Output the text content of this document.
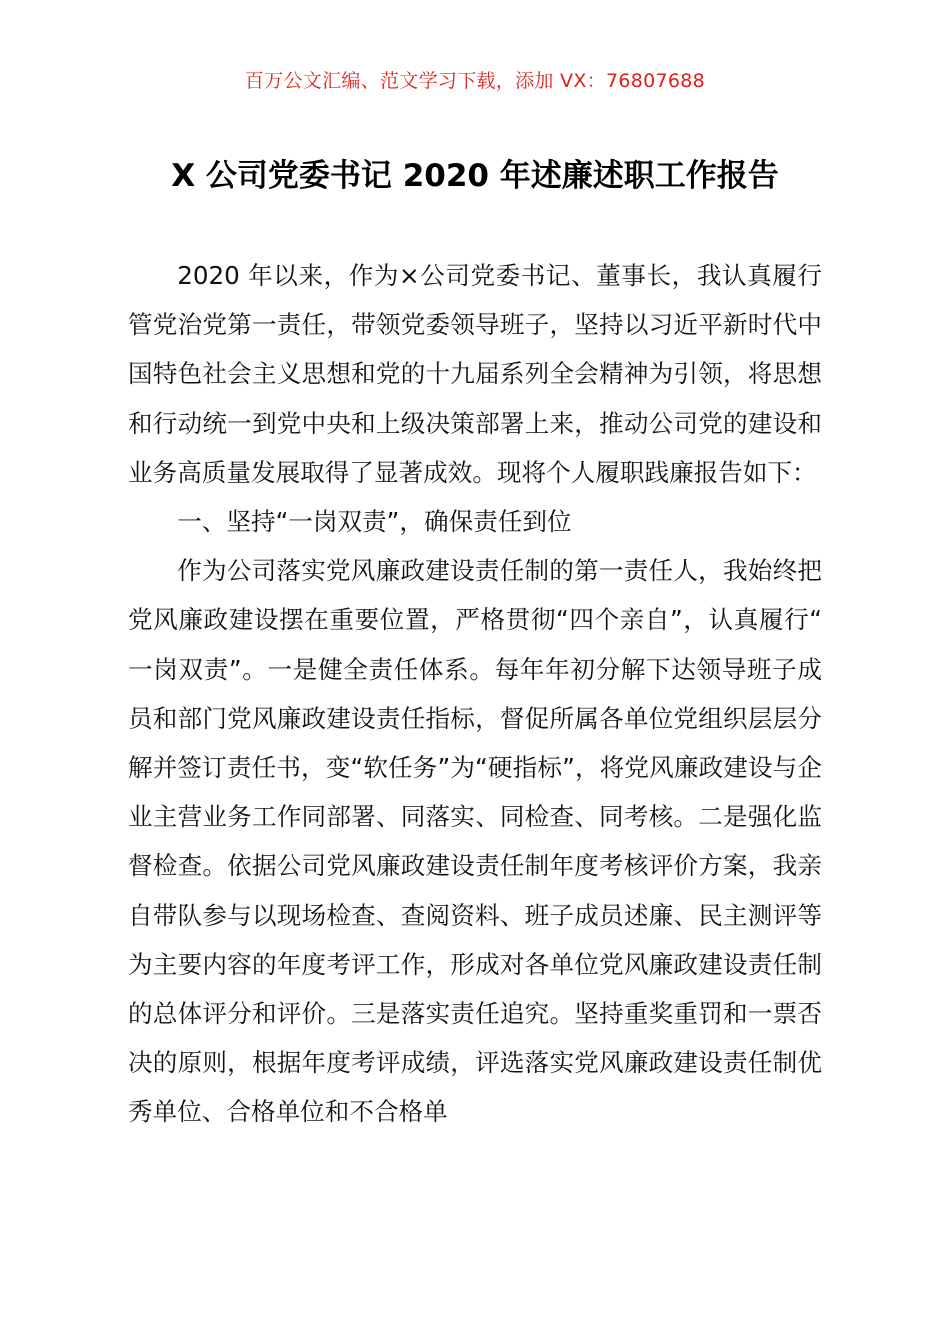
百万公文汇编、范文学习下载，添加 VX：76807688
X 公司党委书记 2020 年述廉述职工作报告

2020 年以来，作为×公司党委书记、董事长，我认真履行管党治党第一责任，带领党委领导班子，坚持以习近平新时代中国特色社会主义思想和党的十九届系列全会精神为引领，将思想和行动统一到党中央和上级决策部署上来，推动公司党的建设和业务高质量发展取得了显著成效。现将个人履职践廉报告如下：

一、坚持“一岗双责”，确保责任到位

作为公司落实党风廉政建设责任制的第一责任人，我始终把党风廉政建设摆在重要位置，严格贯彻“四个亲自”，认真履行“一岗双责”。一是健全责任体系。每年年初分解下达领导班子成员和部门党风廉政建设责任指标，督促所属各单位党组织层层分解并签订责任书，变“软任务”为“硬指标”，将党风廉政建设与企业主营业务工作同部署、同落实、同检查、同考核。二是强化监督检查。依据公司党风廉政建设责任制年度考核评价方案，我亲自带队参与以现场检查、查阅资料、班子成员述廉、民主测评等为主要内容的年度考评工作，形成对各单位党风廉政建设责任制的总体评分和评价。三是落实责任追究。坚持重奖重罚和一票否决的原则，根据年度考评成绩，评选落实党风廉政建设责任制优秀单位、合格单位和不合格单
